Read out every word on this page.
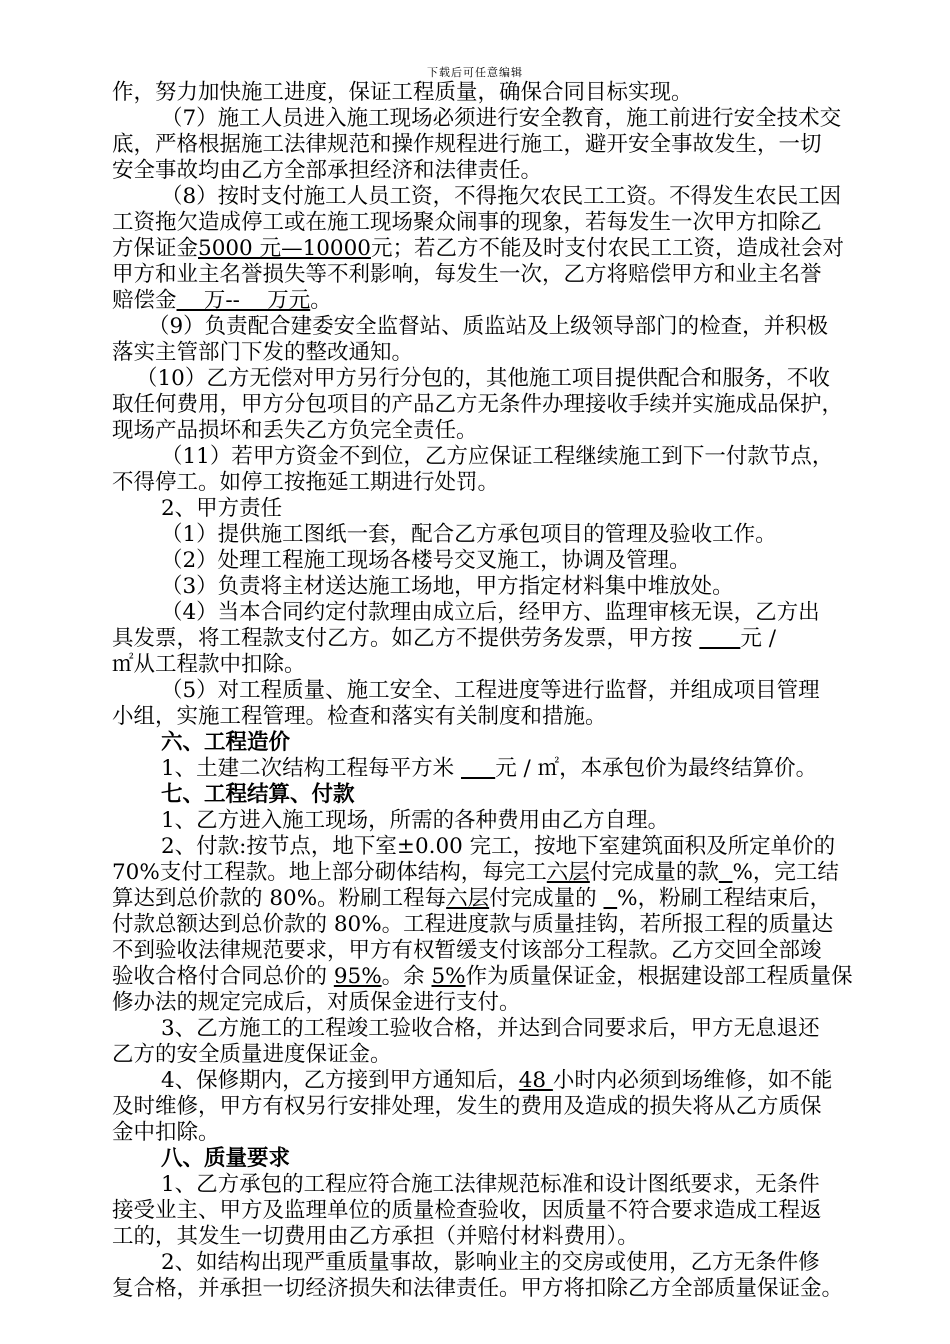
下载后可任意编辑
作，努力加快施工进度，保证工程质量，确保合同目标实现。
（7）施工人员进入施工现场必须进行安全教育，施工前进行安全技术交
底，严格根据施工法律规范和操作规程进行施工，避开安全事故发生，一切
安全事故均由乙方全部承担经济和法律责任。
（8）按时支付施工人员工资，不得拖欠农民工工资。不得发生农民工因
工资拖欠造成停工或在施工现场聚众闹事的现象，若每发生一次甲方扣除乙
方保证金5000 元—10000元；若乙方不能及时支付农民工工资，造成社会对
甲方和业主名誉损失等不利影响，每发生一次，乙方将赔偿甲方和业主名誉
赔偿金    万--    万元。
（9）负责配合建委安全监督站、质监站及上级领导部门的检查，并积极
落实主管部门下发的整改通知。
（10）乙方无偿对甲方另行分包的，其他施工项目提供配合和服务，不收
取任何费用，甲方分包项目的产品乙方无条件办理接收手续并实施成品保护，
现场产品损坏和丢失乙方负完全责任。
（11）若甲方资金不到位，乙方应保证工程继续施工到下一付款节点，
不得停工。如停工按拖延工期进行处罚。
2、甲方责任
（1）提供施工图纸一套，配合乙方承包项目的管理及验收工作。
（2）处理工程施工现场各楼号交叉施工，协调及管理。
（3）负责将主材送达施工场地，甲方指定材料集中堆放处。
（4）当本合同约定付款理由成立后，经甲方、监理审核无误，乙方出
具发票，将工程款支付乙方。如乙方不提供劳务发票，甲方按       元 /
㎡从工程款中扣除。
（5）对工程质量、施工安全、工程进度等进行监督，并组成项目管理
小组，实施工程管理。检查和落实有关制度和措施。
六、工程造价
1、土建二次结构工程每平方米      元 / ㎡，本承包价为最终结算价。
七、工程结算、付款
1、乙方进入施工现场，所需的各种费用由乙方自理。
2、付款:按节点，地下室±0.00 完工，按地下室建筑面积及所定单价的
70%支付工程款。地上部分砌体结构，每完工六层付完成量的款 %，完工结
算达到总价款的 80%。粉刷工程每六层付完成量的   %，粉刷工程结束后，
付款总额达到总价款的 80%。工程进度款与质量挂钩，若所报工程的质量达
不到验收法律规范要求，甲方有权暂缓支付该部分工程款。乙方交回全部竣
验收合格付合同总价的 95%。余 5%作为质量保证金，根据建设部工程质量保
修办法的规定完成后，对质保金进行支付。
3、乙方施工的工程竣工验收合格，并达到合同要求后，甲方无息退还
乙方的安全质量进度保证金。
4、保修期内，乙方接到甲方通知后，48 小时内必须到场维修，如不能
及时维修，甲方有权另行安排处理，发生的费用及造成的损失将从乙方质保
金中扣除。
八、质量要求
1、乙方承包的工程应符合施工法律规范标准和设计图纸要求，无条件
接受业主、甲方及监理单位的质量检查验收，因质量不符合要求造成工程返
工的，其发生一切费用由乙方承担（并赔付材料费用）。
2、如结构出现严重质量事故，影响业主的交房或使用，乙方无条件修
复合格，并承担一切经济损失和法律责任。甲方将扣除乙方全部质量保证金。
